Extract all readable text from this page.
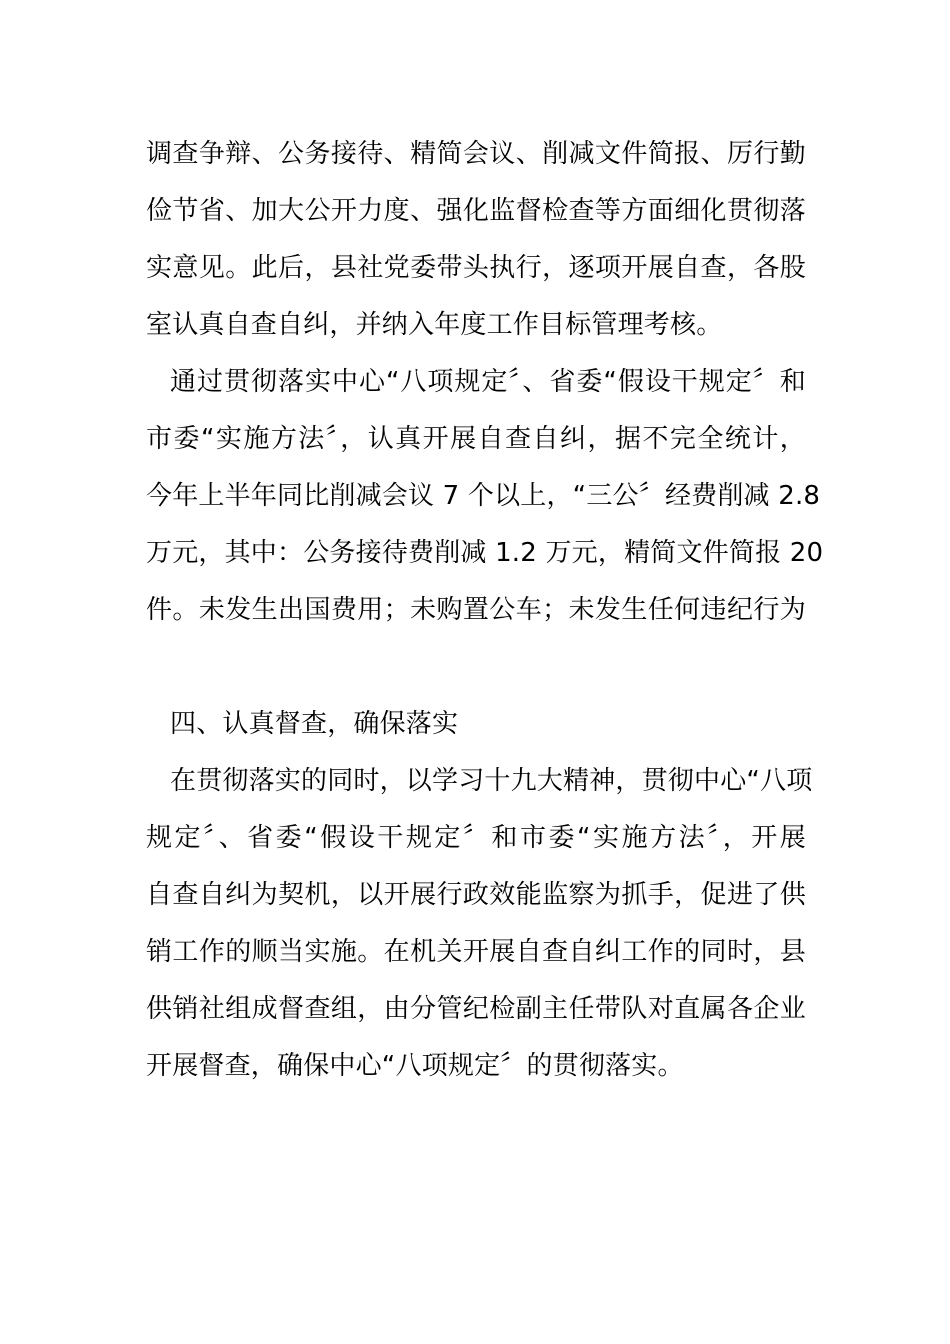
调查争辩、公务接待、精简会议、削减文件简报、厉行勤
俭节省、加大公开力度、强化监督检查等方面细化贯彻落
实意见。此后，县社党委带头执行，逐项开展自查，各股
室认真自查自纠，并纳入年度工作目标管理考核。
通过贯彻落实中心“八项规定〞、省委“假设干规定〞和
市委“实施方法〞，认真开展自查自纠，据不完全统计，
今年上半年同比削减会议 7 个以上，“三公〞经费削减 2.8
万元，其中：公务接待费削减 1.2 万元，精简文件简报 20
件。未发生出国费用；未购置公车；未发生任何违纪行为
四、认真督查，确保落实
在贯彻落实的同时，以学习十九大精神，贯彻中心“八项
规定〞、省委“假设干规定〞和市委“实施方法〞，开展
自查自纠为契机，以开展行政效能监察为抓手，促进了供
销工作的顺当实施。在机关开展自查自纠工作的同时，县
供销社组成督查组，由分管纪检副主任带队对直属各企业
开展督查，确保中心“八项规定〞的贯彻落实。
